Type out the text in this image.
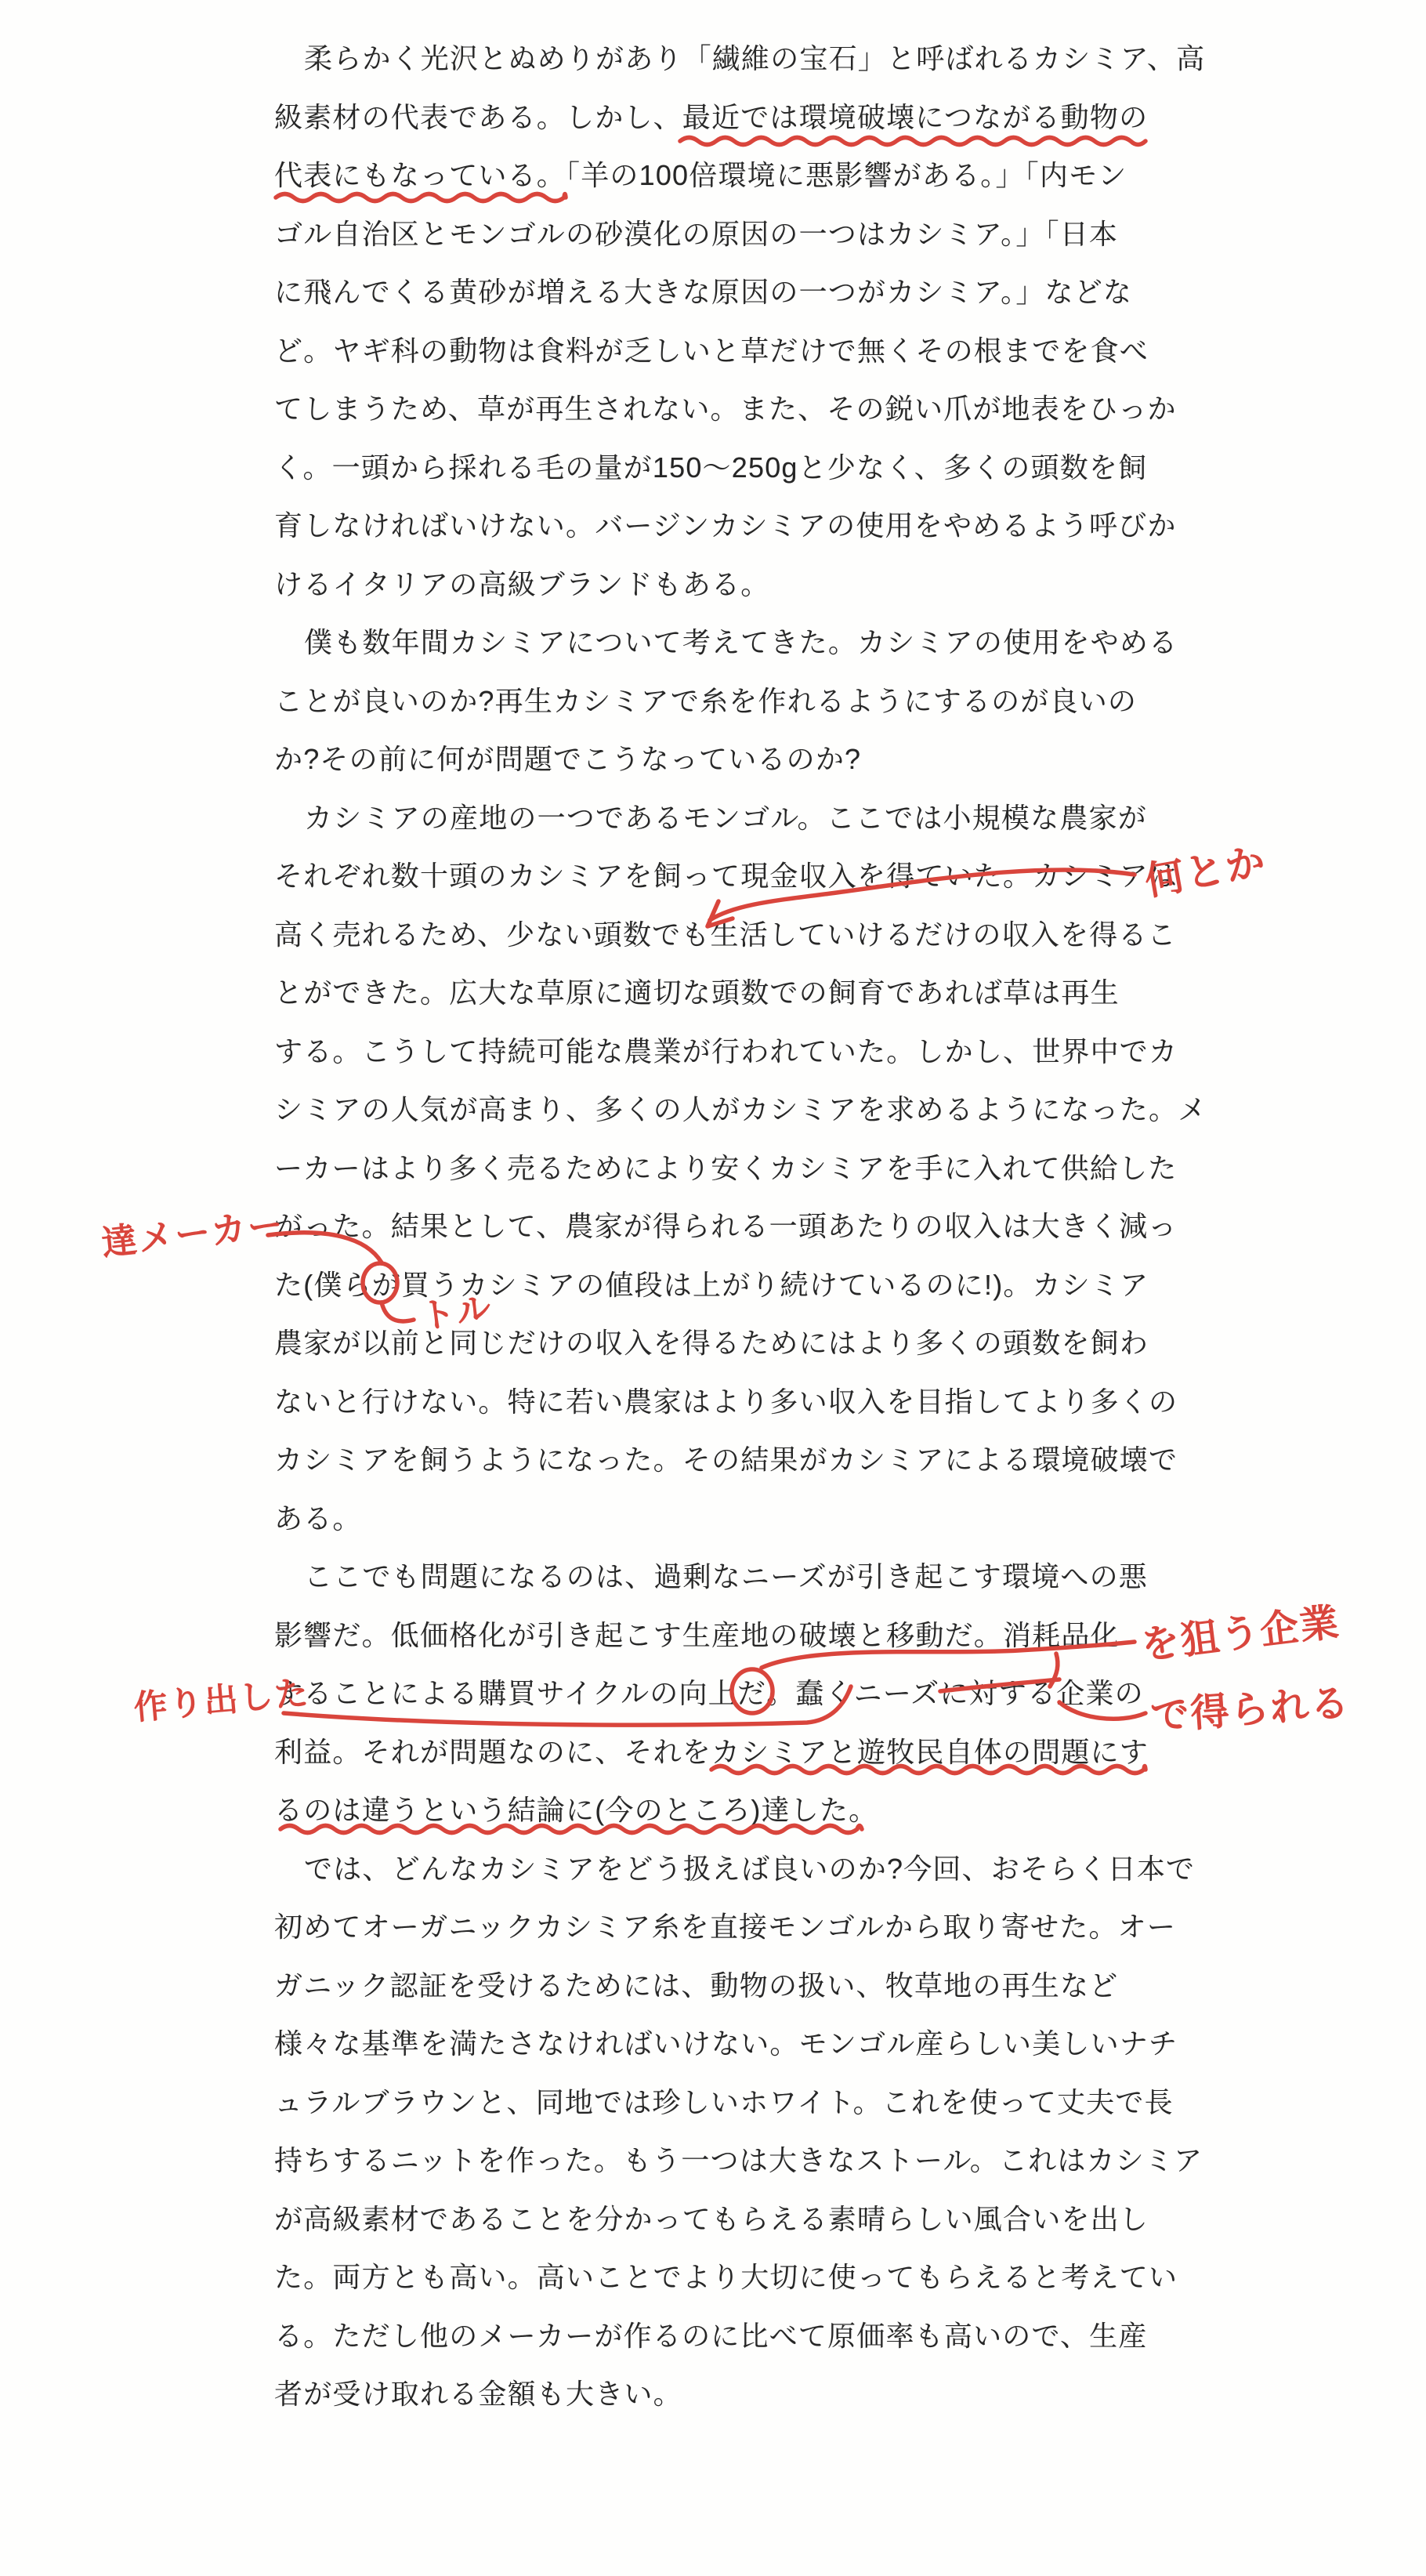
柔らかく光沢とぬめりがあり「繊維の宝石」と呼ばれるカシミア、高
級素材の代表である。しかし、最近では環境破壊につながる動物の
代表にもなっている。「羊の100倍環境に悪影響がある。」「内モン
ゴル自治区とモンゴルの砂漠化の原因の一つはカシミア。」「日本
に飛んでくる黄砂が増える大きな原因の一つがカシミア。」などな
ど。ヤギ科の動物は食料が乏しいと草だけで無くその根までを食べ
てしまうため、草が再生されない。また、その鋭い爪が地表をひっか
く。一頭から採れる毛の量が150〜250gと少なく、多くの頭数を飼
育しなければいけない。バージンカシミアの使用をやめるよう呼びか
けるイタリアの高級ブランドもある。
僕も数年間カシミアについて考えてきた。カシミアの使用をやめる
ことが良いのか?再生カシミアで糸を作れるようにするのが良いの
か?その前に何が問題でこうなっているのか?
カシミアの産地の一つであるモンゴル。ここでは小規模な農家が
それぞれ数十頭のカシミアを飼って現金収入を得ていた。カシミアは
高く売れるため、少ない頭数でも生活していけるだけの収入を得るこ
とができた。広大な草原に適切な頭数での飼育であれば草は再生
する。こうして持続可能な農業が行われていた。しかし、世界中でカ
シミアの人気が高まり、多くの人がカシミアを求めるようになった。メ
ーカーはより多く売るためにより安くカシミアを手に入れて供給した
がった。結果として、農家が得られる一頭あたりの収入は大きく減っ
た(僕らが買うカシミアの値段は上がり続けているのに!)。カシミア
農家が以前と同じだけの収入を得るためにはより多くの頭数を飼わ
ないと行けない。特に若い農家はより多い収入を目指してより多くの
カシミアを飼うようになった。その結果がカシミアによる環境破壊で
ある。
ここでも問題になるのは、過剰なニーズが引き起こす環境への悪
影響だ。低価格化が引き起こす生産地の破壊と移動だ。消耗品化
することによる購買サイクルの向上だ。蠢くニーズに対する企業の
利益。それが問題なのに、それをカシミアと遊牧民自体の問題にす
るのは違うという結論に(今のところ)達した。
では、どんなカシミアをどう扱えば良いのか?今回、おそらく日本で
初めてオーガニックカシミア糸を直接モンゴルから取り寄せた。オー
ガニック認証を受けるためには、動物の扱い、牧草地の再生など
様々な基準を満たさなければいけない。モンゴル産らしい美しいナチ
ュラルブラウンと、同地では珍しいホワイト。これを使って丈夫で長
持ちするニットを作った。もう一つは大きなストール。これはカシミア
が高級素材であることを分かってもらえる素晴らしい風合いを出し
た。両方とも高い。高いことでより大切に使ってもらえると考えてい
る。ただし他のメーカーが作るのに比べて原価率も高いので、生産
者が受け取れる金額も大きい。
何とか
達メーカー
トル
作り出した
を狙う企業
で得られる
